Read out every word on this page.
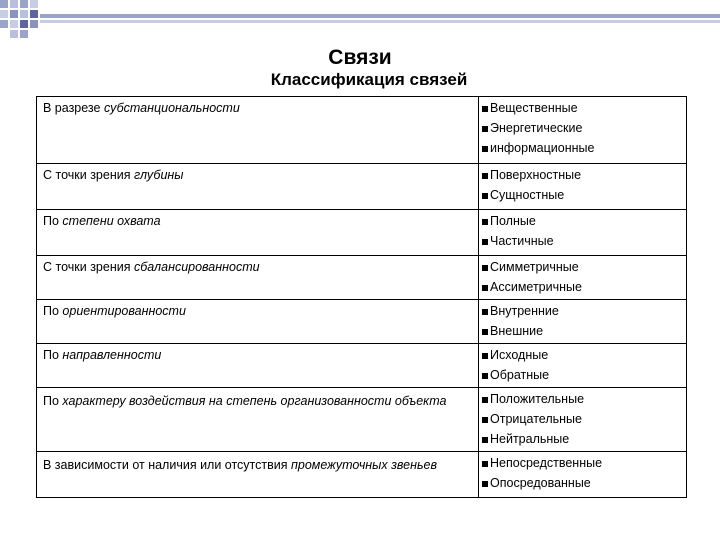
Связи
Классификация связей
В разрезе субстанциональности	Вещественные
Энергетические
информационные

С точки зрения глубины	Поверхностные
Сущностные

По степени охвата	Полные
Частичные

С точки зрения сбалансированности	Симметричные
Ассиметричные

По ориентированности	Внутренние
Внешние

По направленности	Исходные
Обратные

По характеру воздействия на степень организованности объекта	Положительные
Отрицательные
Нейтральные

В зависимости от наличия или отсутствия промежуточных звеньев	Непосредственные
Опосредованные
